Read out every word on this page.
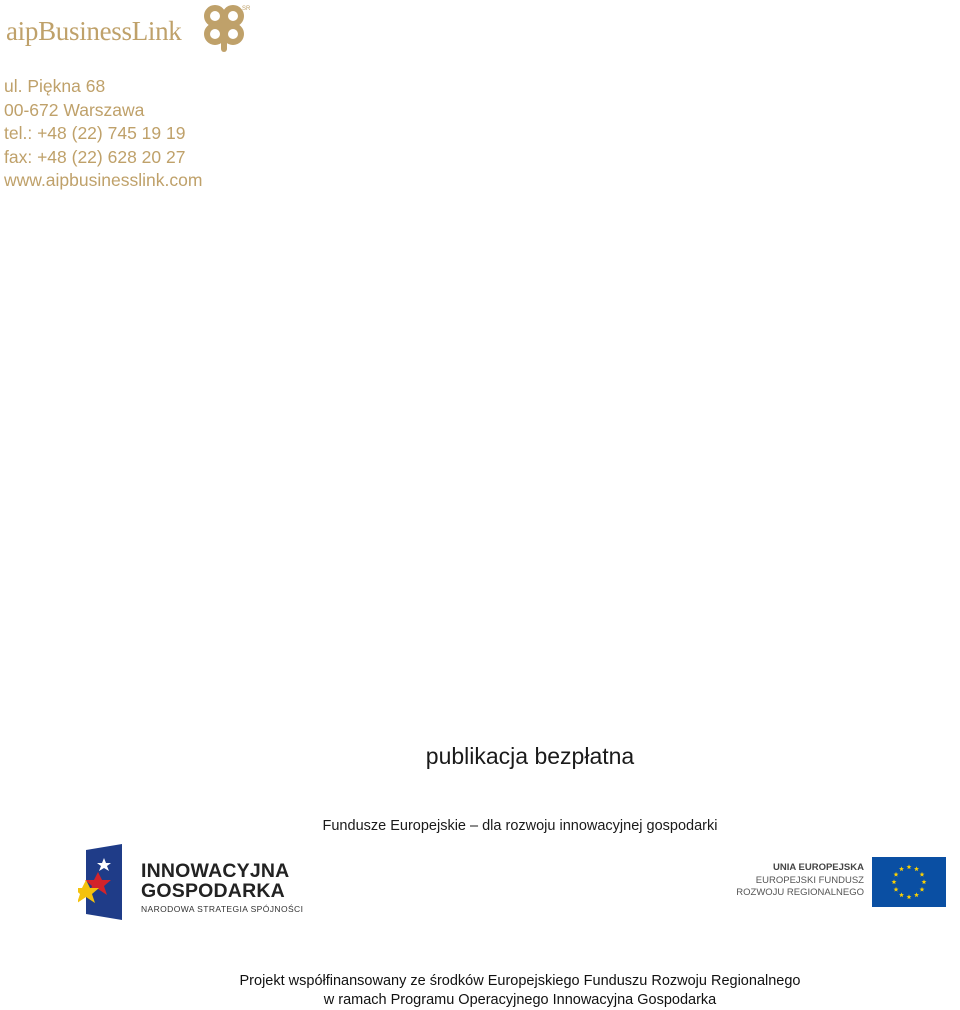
aipBusinessLink
SR
ul. Piękna 68
00-672 Warszawa
tel.: +48 (22) 745 19 19
fax: +48 (22) 628 20 27
www.aipbusinesslink.com
publikacja bezpłatna
Fundusze Europejskie – dla rozwoju innowacyjnej gospodarki
INNOWACYJNA
GOSPODARKA
NARODOWA STRATEGIA SPÓJNOŚCI
UNIA EUROPEJSKA
EUROPEJSKI FUNDUSZ
ROZWOJU REGIONALNEGO
Projekt współfinansowany ze środków Europejskiego Funduszu Rozwoju Regionalnego
w ramach Programu Operacyjnego Innowacyjna Gospodarka
